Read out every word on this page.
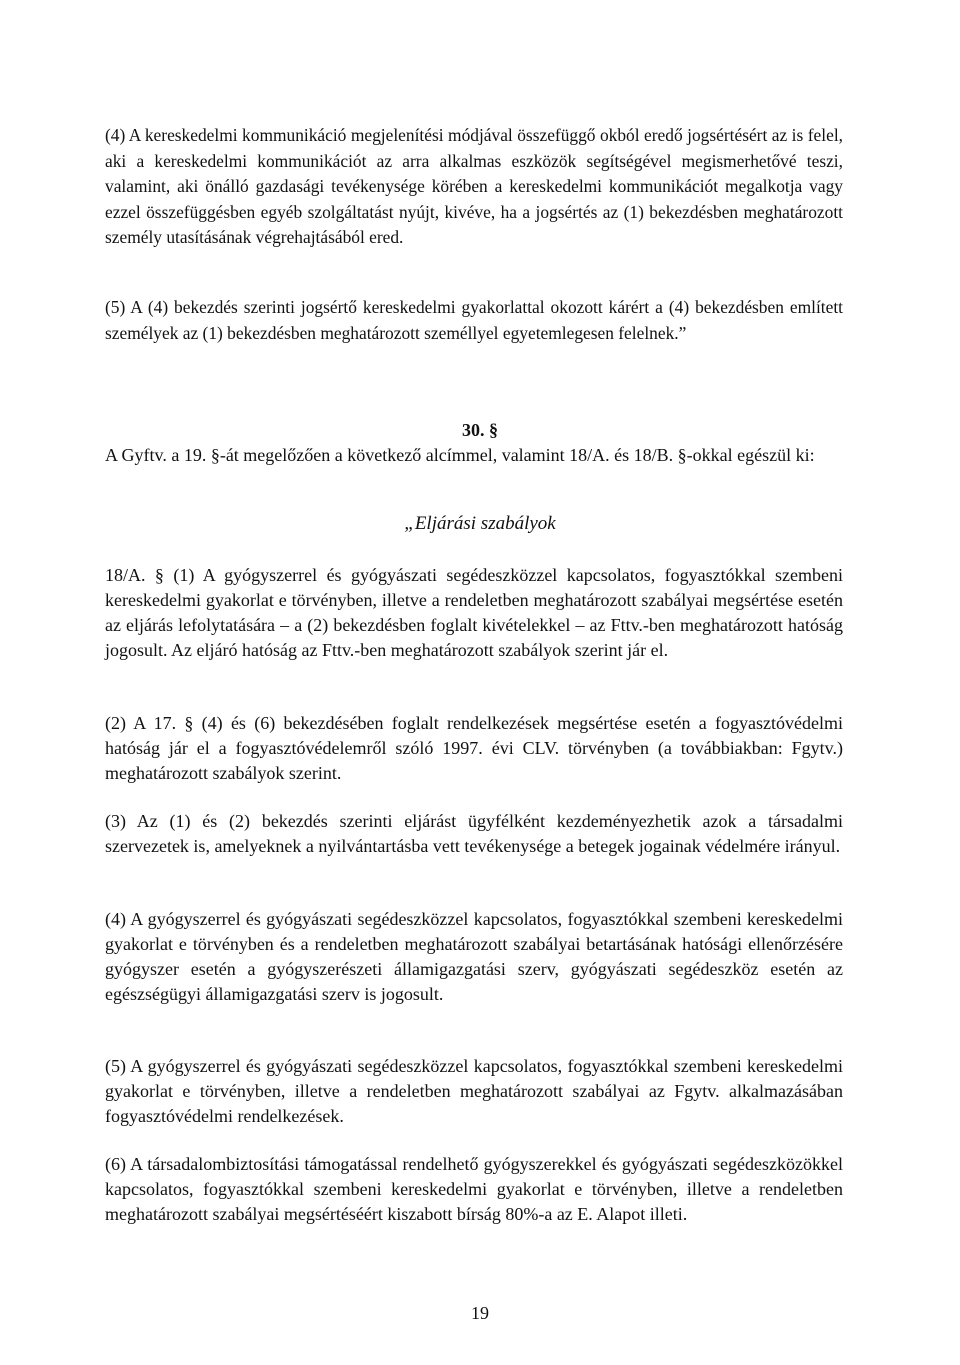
(4) A kereskedelmi kommunikáció megjelenítési módjával összefüggő okból eredő jogsértésért az is felel, aki a kereskedelmi kommunikációt az arra alkalmas eszközök segítségével megismerhetővé teszi, valamint, aki önálló gazdasági tevékenysége körében a kereskedelmi kommunikációt megalkotja vagy ezzel összefüggésben egyéb szolgáltatást nyújt, kivéve, ha a jogsértés az (1) bekezdésben meghatározott személy utasításának végrehajtásából ered.

(5) A (4) bekezdés szerinti jogsértő kereskedelmi gyakorlattal okozott kárért a (4) bekezdésben említett személyek az (1) bekezdésben meghatározott személlyel egyetemlegesen felelnek.”

30. §

A Gyftv. a 19. §-át megelőzően a következő alcímmel, valamint 18/A. és 18/B. §-okkal egészül ki:

„Eljárási szabályok

18/A. § (1) A gyógyszerrel és gyógyászati segédeszközzel kapcsolatos, fogyasztókkal szembeni kereskedelmi gyakorlat e törvényben, illetve a rendeletben meghatározott szabályai megsértése esetén az eljárás lefolytatására – a (2) bekezdésben foglalt kivételekkel – az Fttv.-ben meghatározott hatóság jogosult. Az eljáró hatóság az Fttv.-ben meghatározott szabályok szerint jár el.

(2) A 17. § (4) és (6) bekezdésében foglalt rendelkezések megsértése esetén a fogyasztóvédelmi hatóság jár el a fogyasztóvédelemről szóló 1997. évi CLV. törvényben (a továbbiakban: Fgytv.) meghatározott szabályok szerint.

(3) Az (1) és (2) bekezdés szerinti eljárást ügyfélként kezdeményezhetik azok a társadalmi szervezetek is, amelyeknek a nyilvántartásba vett tevékenysége a betegek jogainak védelmére irányul.

(4) A gyógyszerrel és gyógyászati segédeszközzel kapcsolatos, fogyasztókkal szembeni kereskedelmi gyakorlat e törvényben és a rendeletben meghatározott szabályai betartásának hatósági ellenőrzésére gyógyszer esetén a gyógyszerészeti államigazgatási szerv, gyógyászati segédeszköz esetén az egészségügyi államigazgatási szerv is jogosult.

(5) A gyógyszerrel és gyógyászati segédeszközzel kapcsolatos, fogyasztókkal szembeni kereskedelmi gyakorlat e törvényben, illetve a rendeletben meghatározott szabályai az Fgytv. alkalmazásában fogyasztóvédelmi rendelkezések.

(6) A társadalombiztosítási támogatással rendelhető gyógyszerekkel és gyógyászati segédeszközökkel kapcsolatos, fogyasztókkal szembeni kereskedelmi gyakorlat e törvényben, illetve a rendeletben meghatározott szabályai megsértéséért kiszabott bírság 80%-a az E. Alapot illeti.

19
